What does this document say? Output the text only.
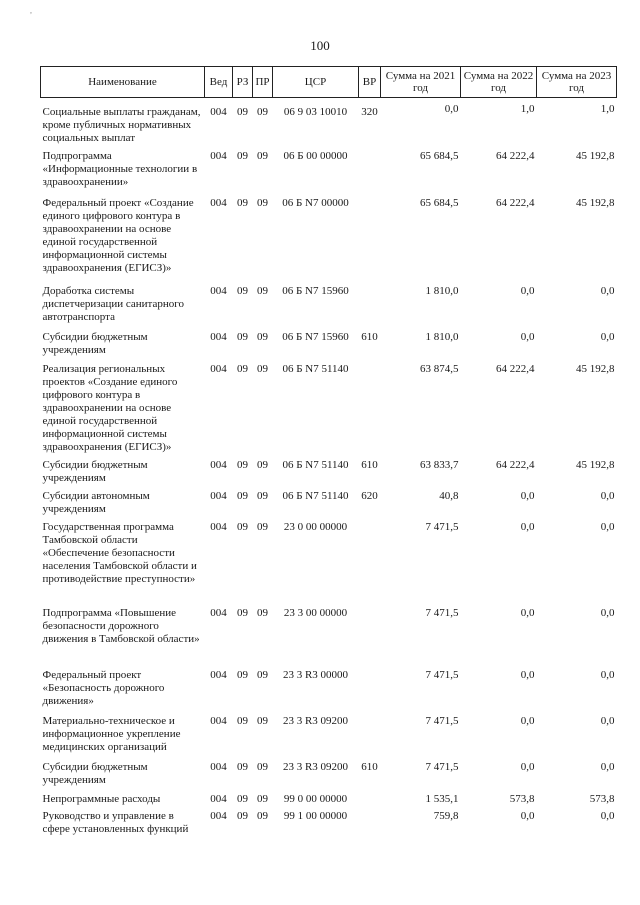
,
100
Наименование	Вед	РЗ	ПР	ЦСР	ВР	Сумма на 2021 год	Сумма на 2022 год	Сумма на 2023 год
Социальные выплаты гражданам, кроме публичных нормативных социальных выплат	004	09	09	06 9 03 10010	320	0,0	1,0	1,0
Подпрограмма «Информационные технологии в здравоохранении»	004	09	09	06 Б 00 00000		65 684,5	64 222,4	45 192,8
Федеральный проект «Создание единого цифрового контура в здравоохранении на основе единой государственной информационной системы здравоохранения (ЕГИСЗ)»	004	09	09	06 Б N7 00000		65 684,5	64 222,4	45 192,8
Доработка системы диспетчеризации санитарного автотранспорта	004	09	09	06 Б N7 15960		1 810,0	0,0	0,0
Субсидии бюджетным учреждениям	004	09	09	06 Б N7 15960	610	1 810,0	0,0	0,0
Реализация региональных проектов «Создание единого цифрового контура в здравоохранении на основе единой государственной информационной системы здравоохранения (ЕГИСЗ)»	004	09	09	06 Б N7 51140		63 874,5	64 222,4	45 192,8
Субсидии бюджетным учреждениям	004	09	09	06 Б N7 51140	610	63 833,7	64 222,4	45 192,8
Субсидии автономным учреждениям	004	09	09	06 Б N7 51140	620	40,8	0,0	0,0
Государственная программа Тамбовской области «Обеспечение безопасности населения Тамбовской области и противодействие преступности»	004	09	09	23 0 00 00000		7 471,5	0,0	0,0
Подпрограмма «Повышение безопасности дорожного движения в Тамбовской области»	004	09	09	23 3 00 00000		7 471,5	0,0	0,0
Федеральный проект «Безопасность дорожного движения»	004	09	09	23 3 R3 00000		7 471,5	0,0	0,0
Материально-техническое и информационное укрепление медицинских организаций	004	09	09	23 3 R3 09200		7 471,5	0,0	0,0
Субсидии бюджетным учреждениям	004	09	09	23 3 R3 09200	610	7 471,5	0,0	0,0
Непрограммные расходы	004	09	09	99 0 00 00000		1 535,1	573,8	573,8
Руководство и управление в сфере установленных функций	004	09	09	99 1 00 00000		759,8	0,0	0,0
